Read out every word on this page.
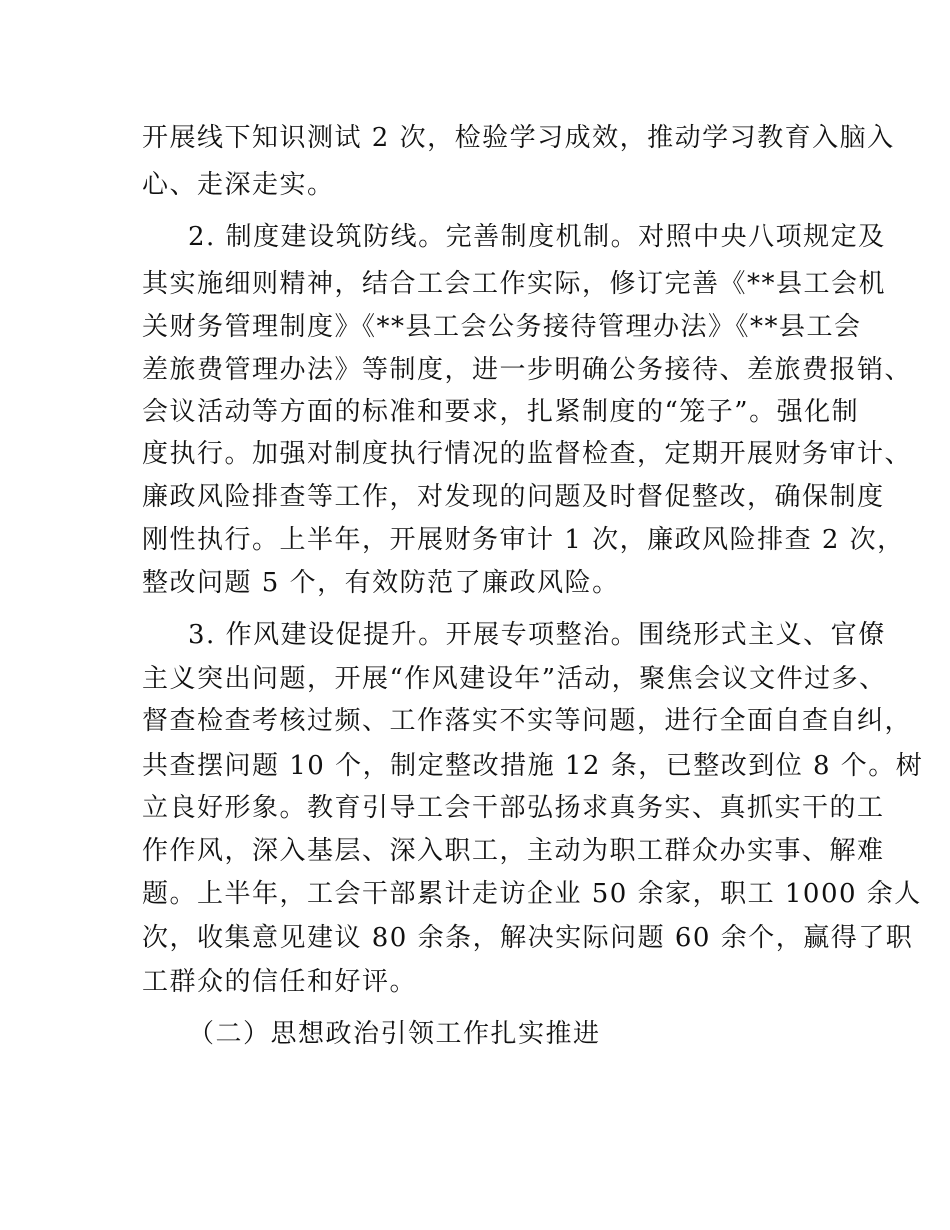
开展线下知识测试 2 次，检验学习成效，推动学习教育入脑入
心、走深走实。
2. 制度建设筑防线。完善制度机制。对照中央八项规定及
其实施细则精神，结合工会工作实际，修订完善《**县工会机
关财务管理制度》《**县工会公务接待管理办法》《**县工会
差旅费管理办法》等制度，进一步明确公务接待、差旅费报销、
会议活动等方面的标准和要求，扎紧制度的“笼子”。强化制
度执行。加强对制度执行情况的监督检查，定期开展财务审计、
廉政风险排查等工作，对发现的问题及时督促整改，确保制度
刚性执行。上半年，开展财务审计 1 次，廉政风险排查 2 次，
整改问题 5 个，有效防范了廉政风险。
3. 作风建设促提升。开展专项整治。围绕形式主义、官僚
主义突出问题，开展“作风建设年”活动，聚焦会议文件过多、
督查检查考核过频、工作落实不实等问题，进行全面自查自纠，
共查摆问题 10 个，制定整改措施 12 条，已整改到位 8 个。树
立良好形象。教育引导工会干部弘扬求真务实、真抓实干的工
作作风，深入基层、深入职工，主动为职工群众办实事、解难
题。上半年，工会干部累计走访企业 50 余家，职工 1000 余人
次，收集意见建议 80 余条，解决实际问题 60 余个，赢得了职
工群众的信任和好评。
（二）思想政治引领工作扎实推进
